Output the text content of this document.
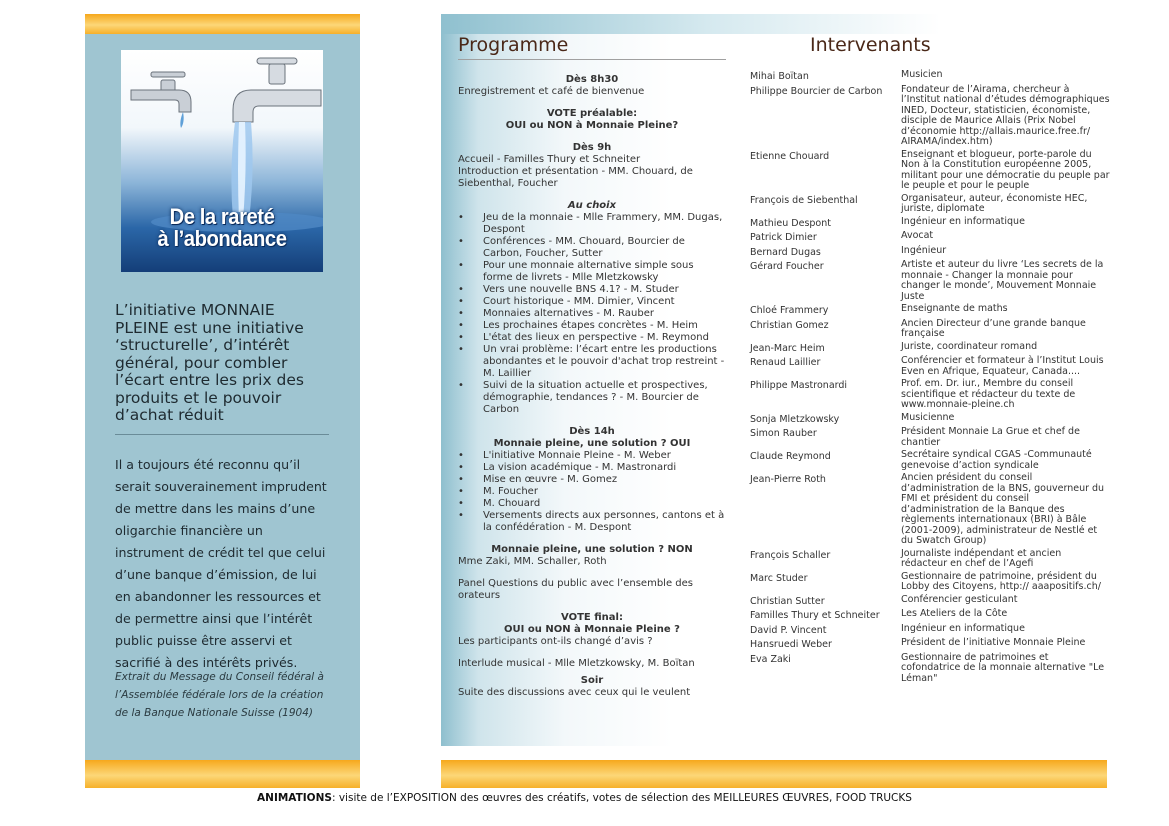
De la rareté
à l’abondance
L’initiative MONNAIE PLEINE est une initiative ‘structurelle’, d’intérêt général, pour combler l’écart entre les prix des produits et le pouvoir d’achat réduit
Il a toujours été reconnu qu’il serait souverainement imprudent de mettre dans les mains d’une oligarchie financière un instrument de crédit tel que celui d’une banque d’émission, de lui en abandonner les ressources et de permettre ainsi que l’intérêt public puisse être asservi et sacrifié à des intérêts privés.
Extrait du Message du Conseil fédéral à l’Assemblée fédérale lors de la création de la Banque Nationale Suisse (1904)
Programme
Dès 8h30
Enregistrement et café de bienvenue
VOTE préalable:
OUI ou NON à Monnaie Pleine?
Dès 9h
Accueil - Familles Thury et Schneiter
Introduction et présentation - MM. Chouard, de Siebenthal, Foucher
Au choix
• Jeu de la monnaie - Mlle Frammery, MM. Dugas, Despont
• Conférences - MM. Chouard, Bourcier de Carbon, Foucher, Sutter
• Pour une monnaie alternative simple sous forme de livrets - Mlle Mletzkowsky
• Vers une nouvelle BNS 4.1? - M. Studer
• Court historique - MM. Dimier, Vincent
• Monnaies alternatives - M. Rauber
• Les prochaines étapes concrètes - M. Heim
• L'état des lieux en perspective - M. Reymond
• Un vrai problème: l’écart entre les productions abondantes et le pouvoir d'achat trop restreint - M. Laillier
• Suivi de la situation actuelle et prospectives, démographie, tendances ? - M. Bourcier de Carbon
Dès 14h
Monnaie pleine, une solution ? OUI
• L'initiative Monnaie Pleine - M. Weber
• La vision académique - M. Mastronardi
• Mise en œuvre - M. Gomez
• M. Foucher
• M. Chouard
• Versements directs aux personnes, cantons et à la confédération - M. Despont
Monnaie pleine, une solution ? NON
Mme Zaki, MM. Schaller, Roth
Panel Questions du public avec l’ensemble des orateurs
VOTE final:
OUI ou NON à Monnaie Pleine ?
Les participants ont-ils changé d’avis ?
Interlude musical - Mlle Mletzkowsky, M. Boïtan
Soir
Suite des discussions avec ceux qui le veulent
Intervenants
Mihai Boïtan	Musicien
Philippe Bourcier de Carbon	Fondateur de l’Airama, chercheur à l’Institut national d’études démographiques INED, Docteur, statisticien, économiste, disciple de Maurice Allais (Prix Nobel d’économie http://allais.maurice.free.fr/ AIRAMA/index.htm)
Etienne Chouard	Enseignant et blogueur, porte-parole du Non à la Constitution européenne 2005, militant pour une démocratie du peuple par le peuple et pour le peuple
François de Siebenthal	Organisateur, auteur, économiste HEC, juriste, diplomate
Mathieu Despont	Ingénieur en informatique
Patrick Dimier	Avocat
Bernard Dugas	Ingénieur
Gérard Foucher	Artiste et auteur du livre ‘Les secrets de la monnaie - Changer la monnaie pour changer le monde’, Mouvement Monnaie Juste
Chloé Frammery	Enseignante de maths
Christian Gomez	Ancien Directeur d’une grande banque française
Jean-Marc Heim	Juriste, coordinateur romand
Renaud Laillier	Conférencier et formateur à l’Institut Louis Even en Afrique, Equateur, Canada....
Philippe Mastronardi	Prof. em. Dr. iur., Membre du conseil scientifique et rédacteur du texte de www.monnaie-pleine.ch
Sonja Mletzkowsky	Musicienne
Simon Rauber	Président Monnaie La Grue et chef de chantier
Claude Reymond	Secrétaire syndical CGAS -Communauté genevoise d’action syndicale
Jean-Pierre Roth	Ancien président du conseil d’administration de la BNS, gouverneur du FMI et président du conseil d’administration de la Banque des règlements internationaux (BRI) à Bâle (2001-2009), administrateur de Nestlé et du Swatch Group)
François Schaller	Journaliste indépendant et ancien rédacteur en chef de l’Agefi
Marc Studer	Gestionnaire de patrimoine, président du Lobby des Citoyens, http:// aaapositifs.ch/
Christian Sutter	Conférencier gesticulant
Familles Thury et Schneiter	Les Ateliers de la Côte
David P. Vincent	Ingénieur en informatique
Hansruedi Weber	Président de l’initiative Monnaie Pleine
Eva Zaki	Gestionnaire de patrimoines et cofondatrice de la monnaie alternative "Le Léman"
ANIMATIONS: visite de l’EXPOSITION des œuvres des créatifs, votes de sélection des MEILLEURES ŒUVRES, FOOD TRUCKS
